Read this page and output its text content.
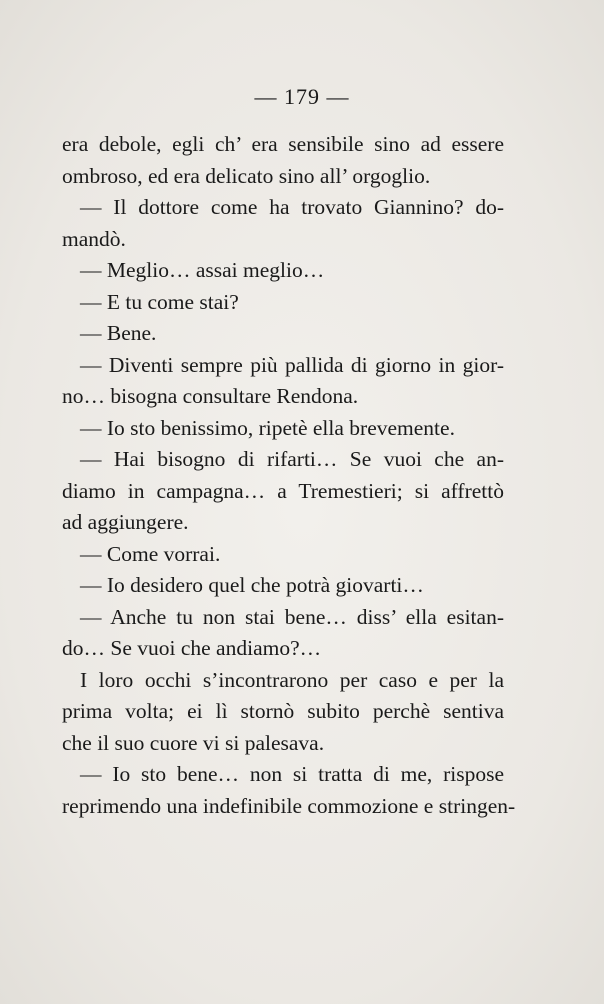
— 179 —
era debole, egli ch’ era sensibile sino ad essere
ombroso, ed era delicato sino all’ orgoglio.
— Il dottore come ha trovato Giannino? do-
mandò.
— Meglio… assai meglio…
— E tu come stai?
— Bene.
— Diventi sempre più pallida di giorno in gior-
no… bisogna consultare Rendona.
— Io sto benissimo, ripetè ella brevemente.
— Hai bisogno di rifarti… Se vuoi che an-
diamo in campagna… a Tremestieri; si affrettò
ad aggiungere.
— Come vorrai.
— Io desidero quel che potrà giovarti…
— Anche tu non stai bene… diss’ ella esitan-
do… Se vuoi che andiamo?…
I loro occhi s’incontrarono per caso e per la
prima volta; ei lì stornò subito perchè sentiva
che il suo cuore vi si palesava.
— Io sto bene… non si tratta di me, rispose
reprimendo una indefinibile commozione e stringen-
